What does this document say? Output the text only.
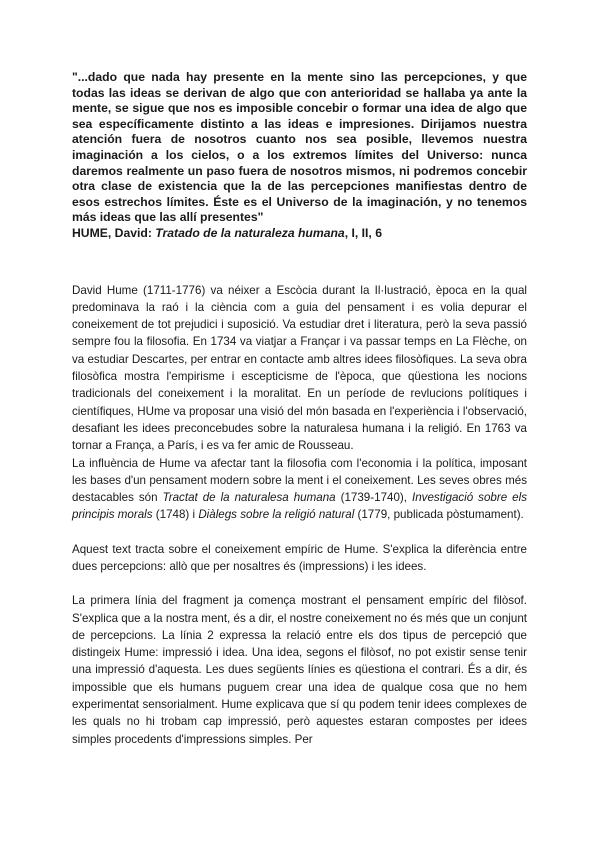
"...dado que nada hay presente en la mente sino las percepciones, y que todas las ideas se derivan de algo que con anterioridad se hallaba ya ante la mente, se sigue que nos es imposible concebir o formar una idea de algo que sea específicamente distinto a las ideas e impresiones. Dirijamos nuestra atención fuera de nosotros cuanto nos sea posible, llevemos nuestra imaginación a los cielos, o a los extremos límites del Universo: nunca daremos realmente un paso fuera de nosotros mismos, ni podremos concebir otra clase de existencia que la de las percepciones manifiestas dentro de esos estrechos límites. Éste es el Universo de la imaginación, y no tenemos más ideas que las allí presentes"

HUME, David: Tratado de la naturaleza humana, I, II, 6

David Hume (1711-1776) va néixer a Escòcia durant la Il·lustració, època en la qual predominava la raó i la ciència com a guia del pensament i es volia depurar el coneixement de tot prejudici i suposició. Va estudiar dret i literatura, però la seva passió sempre fou la filosofia. En 1734 va viatjar a Françar i va passar temps en La Flèche, on va estudiar Descartes, per entrar en contacte amb altres idees filosòfiques. La seva obra filosòfica mostra l'empirisme i escepticisme de l'època, que qüestiona les nocions tradicionals del coneixement i la moralitat. En un període de revlucions polítiques i científiques, HUme va proposar una visió del món basada en l'experiència i l'observació, desafiant les idees preconcebudes sobre la naturalesa humana i la religió. En 1763 va tornar a França, a París, i es va fer amic de Rousseau.

La influència de Hume va afectar tant la filosofia com l'economia i la política, imposant les bases d'un pensament modern sobre la ment i el coneixement. Les seves obres més destacables són Tractat de la naturalesa humana (1739-1740), Investigació sobre els principis morals (1748) i Diàlegs sobre la religió natural (1779, publicada pòstumament).

Aquest text tracta sobre el coneixement empíric de Hume. S'explica la diferència entre dues percepcions: allò que per nosaltres és (impressions) i les idees.

La primera línia del fragment ja comença mostrant el pensament empíric del filòsof. S'explica que a la nostra ment, és a dir, el nostre coneixement no és més que un conjunt de percepcions. La línia 2 expressa la relació entre els dos tipus de percepció que distingeix Hume: impressió i idea. Una idea, segons el filòsof, no pot existir sense tenir una impressió d'aquesta. Les dues següents línies es qüestiona el contrari. És a dir, és impossible que els humans puguem crear una idea de qualque cosa que no hem experimentat sensorialment. Hume explicava que sí qu podem tenir idees complexes de les quals no hi trobam cap impressió, però aquestes estaran compostes per idees simples procedents d'impressions simples. Per
